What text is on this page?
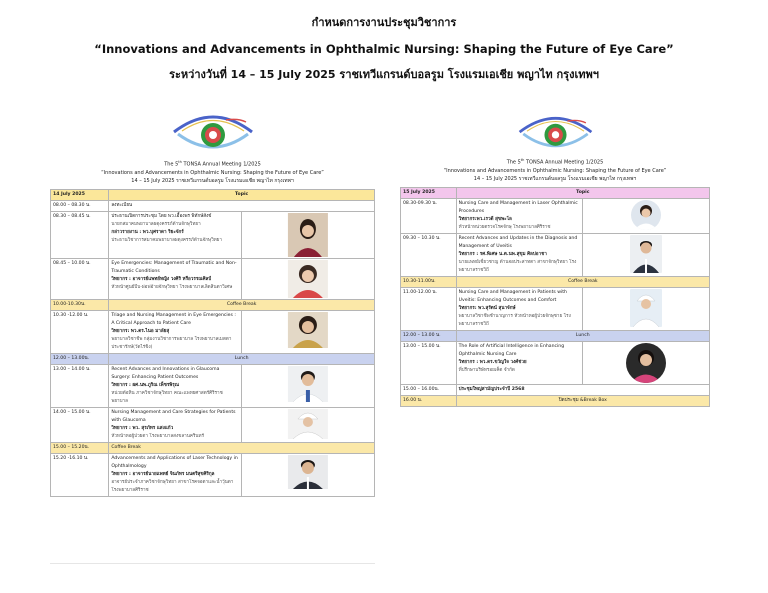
กำหนดการงานประชุมวิชาการ
“Innovations and Advancements in Ophthalmic Nursing: Shaping the Future of Eye Care”
ระหว่างวันที่ 14 – 15 July 2025 ราชเทวีแกรนด์บอลรูม โรงแรมเอเชีย พญาไท กรุงเทพฯ
The 5th TONSA Annual Meeting 1/2025
“Innovations and Advancements in Ophthalmic Nursing: Shaping the Future of Eye Care”
14 – 15 July 2025 ราชเทวีแกรนด์บอลรูม โรงแรมเอเชีย พญาไท กรุงเทพฯ
14 July 2025	Topic	
08.00 – 08.30 น.	ลงทะเบียน	

08.30 – 08.45 น.	ประธานเปิดการประชุม โดย พว.เอื้องพร พิทักษ์สังข์
นายกสมาคมพยาบาลผดุงครรภ์ด้านจักษุวิทยา
กล่าวรายงาน : พว.บุศราดา ริยะจักร์
ประธานวิชาการสมาคมพยาบาลผดุงครรภ์ด้านจักษุวิทยา

08.45 – 10.00 น.	Eye Emergencies: Management of Traumatic and Non-Traumatic Conditions
วิทยากร : อาจารย์แพทย์หญิง วงศิริ หรือวรรณศิลป์
หัวหน้าศูนย์ปีบ-ฝอฟอ้ายจักษุวิทยา โรงพยาบาลเลิดสินตาวิเศษ

10.00-10.30น.	Coffee Break	
10.30 -12.00 น.	Triage and Nursing Management in Eye Emergencies : A Critical Approach to Patient Care
วิทยากร: พว.ดร.ไนอ มาลัยสุ
พยาบาลวิชาชีพ กลุ่มงานวิชาการพยาบาล โรงพยาบาลเมตตาประชารักษ์(วัดไร่ขิง)

12.00 – 13.00น.	Lunch	
13.00 – 14.00 น.	Recent Advances and Innovations in Glaucoma Surgery: Enhancing Patient Outcomes
วิทยากร : ผศ.นพ.ภูริณ เพ็ชรพิรุณ
หน่วยต้อหิน ภาควิชาจักษุวิทยา คณะแพทยศาสตร์ศิริราชพยาบาล

14.00 – 15.00 น.	Nursing Management and Care Strategies for Patients with Glaucoma
วิทยากร : พว. สุรภัทร แสงแก้ว
หัวหน้าหอผู้ป่วยตา โรงพยาบาลสงขลานครินทร์

15.00 – 15.20น.	Coffee Break	
15.20 -16.10 น.	Advancements and Applications of Laser Technology in Ophthalmology
วิทยากร : อาจารย์นายแพทย์ จินภัทร มนตรีสุขศิริกุล
อาจารย์ประจำภาควิชาจักษุวิทยา สาขาโรคจอตาและน้ำวุ้นตา โรงพยาบาลศิริราช

The 5th TONSA Annual Meeting 1/2025
“Innovations and Advancements in Ophthalmic Nursing: Shaping the Future of Eye Care”
14 – 15 July 2025 ราชเทวีแกรนด์บอลรูม โรงแรมเอเชีย พญาไท กรุงเทพฯ
15 July 2025	Topic	
08.30-09.30 น.	Nursing Care and Management in Laser Ophthalmic Procedures
วิทยากร:พว.เรวดี สุขพะโล
หัวหน้าหน่วยตรวจโรคจักษุ โรงพยาบาลศิริราช

09.30 – 10.30 น.	Recent Advances and Updates in the Diagnosis and Management of Uveitis
วิทยากร : รศ.พิเศษ น.ต.นพ.สุขุม ศิลปอาชา
นายแพทย์เชี่ยวชาญ ด้านจอประสาทตา สาขาจักษุวิทยา โรงพยาบาลราชวิถี

10.30-11.00น.	Coffee Break	
11.00-12.00 น.	Nursing Care and Management in Patients with Uveitis: Enhancing Outcomes and Comfort
วิทยากร: พว.สุรัตน์ สุนาจักษ์
พยาบาลวิชาชีพชำนาญการ หัวหน้าหอผู้ป่วยจักษุชาย โรงพยาบาลราชวิถี

12.00 – 13.00 น.	Lunch	
13.00 – 15.00 น.	The Role of Artificial Intelligence in Enhancing Ophthalmic Nursing Care
วิทยากร : พว.ดร.ขวัญใจ วงศ์ช่วย
ที่ปรึกษาบริษัทรอยเค็ต จำกัด

15.00 – 16.00น.	ประชุมใหญ่สามัญประจำปี 2568	

16.00 น.	ปิดประชุม &Break Box	
